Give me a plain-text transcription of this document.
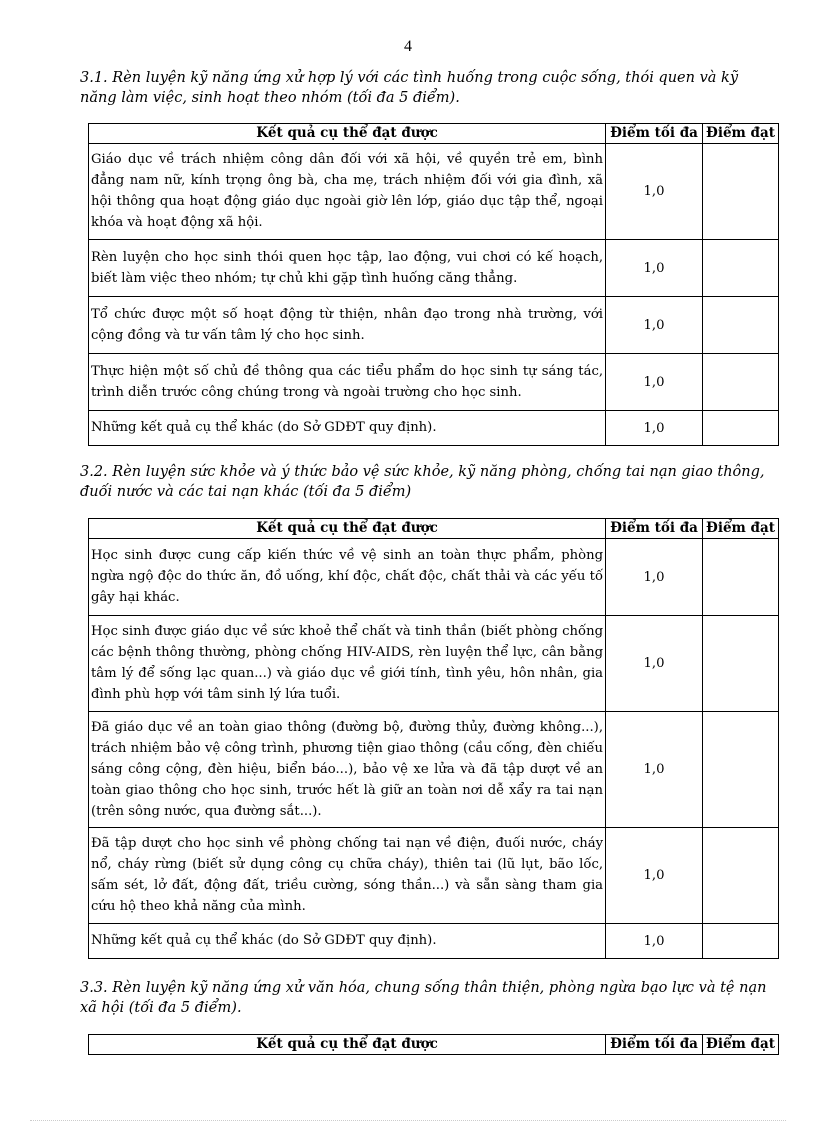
4
3.1. Rèn luyện kỹ năng ứng xử hợp lý với các tình huống trong cuộc sống, thói quen và kỹ năng làm việc, sinh hoạt theo nhóm (tối đa 5 điểm).
Kết quả cụ thể đạt được	Điểm tối đa	Điểm đạt
Giáo dục về trách nhiệm công dân đối với xã hội, về quyền trẻ em, bình đẳng nam nữ, kính trọng ông bà, cha mẹ, trách nhiệm đối với gia đình, xã hội thông qua hoạt động giáo dục ngoài giờ lên lớp, giáo dục tập thể, ngoại khóa và hoạt động xã hội.	1,0	
Rèn luyện cho học sinh thói quen học tập, lao động, vui chơi có kế hoạch, biết làm việc theo nhóm; tự chủ khi gặp tình huống căng thẳng.	1,0	
Tổ chức được một số hoạt động từ thiện, nhân đạo trong nhà trường, với cộng đồng và tư vấn tâm lý cho học sinh.	1,0	
Thực hiện một số chủ đề thông qua các tiểu phẩm do học sinh tự sáng tác, trình diễn trước công chúng trong và ngoài trường cho học sinh.	1,0	
Những kết quả cụ thể khác (do Sở GDĐT quy định).	1,0	
3.2. Rèn luyện sức khỏe và ý thức bảo vệ sức khỏe, kỹ năng phòng, chống tai nạn giao thông, đuối nước và các tai nạn khác (tối đa 5 điểm)
Kết quả cụ thể đạt được	Điểm tối đa	Điểm đạt
Học sinh được cung cấp kiến thức về vệ sinh an toàn thực phẩm, phòng ngừa ngộ độc do thức ăn, đồ uống, khí độc, chất độc, chất thải và các yếu tố gây hại khác.	1,0	
Học sinh được giáo dục về sức khoẻ thể chất và tinh thần (biết phòng chống các bệnh thông thường, phòng chống HIV-AIDS, rèn luyện thể lực, cân bằng tâm lý để sống lạc quan...) và giáo dục về giới tính, tình yêu, hôn nhân, gia đình phù hợp với tâm sinh lý lứa tuổi.	1,0	
Đã giáo dục về an toàn giao thông (đường bộ, đường thủy, đường không...), trách nhiệm bảo vệ công trình, phương tiện giao thông (cầu cống, đèn chiếu sáng công cộng, đèn hiệu, biển báo...), bảo vệ xe lửa và đã tập dượt về an toàn giao thông cho học sinh, trước hết là giữ an toàn nơi dễ xẩy ra tai nạn (trên sông nước, qua đường sắt...).	1,0	
Đã tập dượt cho học sinh về phòng chống tai nạn về điện, đuối nước, cháy nổ, cháy rừng (biết sử dụng công cụ chữa cháy), thiên tai (lũ lụt, bão lốc, sấm sét, lở đất, động đất, triều cường, sóng thần...) và sẵn sàng tham gia cứu hộ theo khả năng của mình.	1,0	
Những kết quả cụ thể khác (do Sở GDĐT quy định).	1,0	
3.3. Rèn luyện kỹ năng ứng xử văn hóa, chung sống thân thiện, phòng ngừa bạo lực và tệ nạn xã hội (tối đa 5 điểm).
Kết quả cụ thể đạt được	Điểm tối đa	Điểm đạt
